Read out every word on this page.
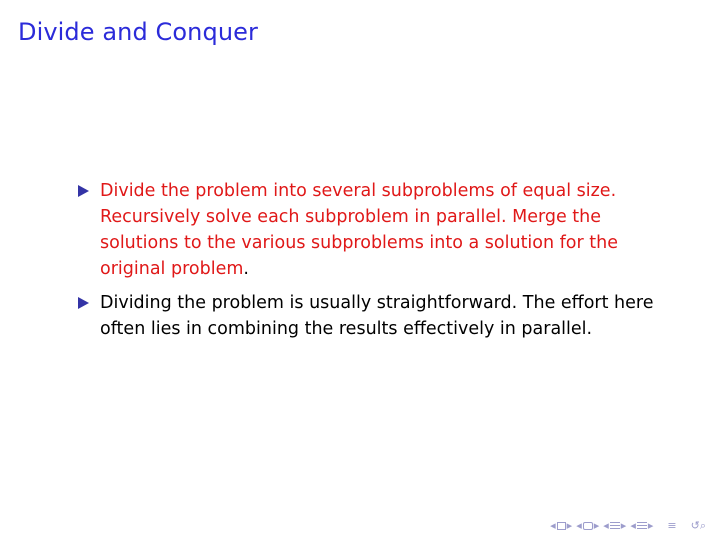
Divide and Conquer
Divide the problem into several subproblems of equal size. Recursively solve each subproblem in parallel. Merge the solutions to the various subproblems into a solution for the original problem.
Dividing the problem is usually straightforward. The effort here often lies in combining the results effectively in parallel.
◂ ▸ ◂ ▸ ◂ ▸ ◂ ▸ ≡ ↺⌕
